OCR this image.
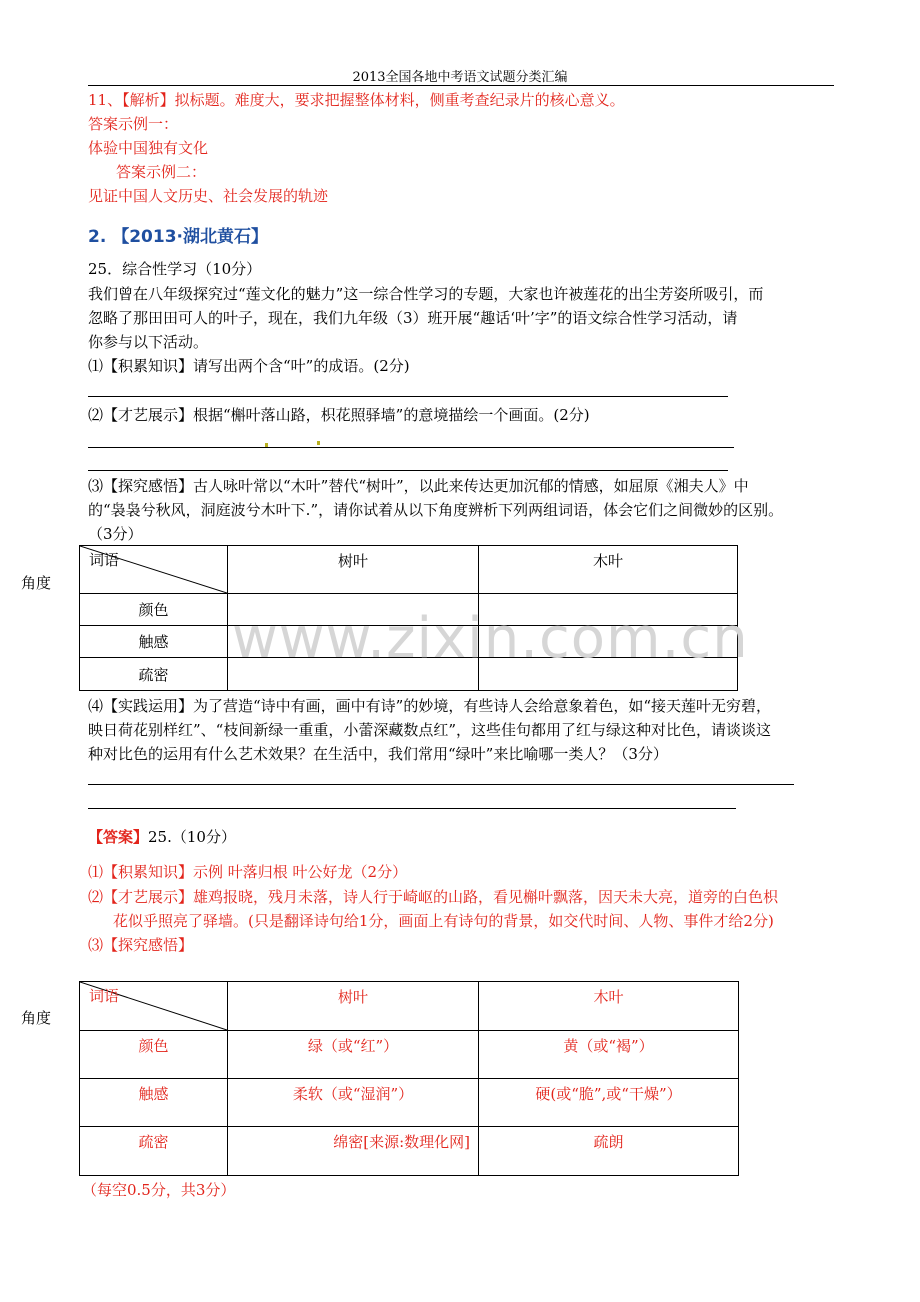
2013全国各地中考语文试题分类汇编
11、【解析】拟标题。难度大，要求把握整体材料，侧重考查纪录片的核心意义。
答案示例一：
体验中国独有文化
答案示例二：
见证中国人文历史、社会发展的轨迹
2. 【2013·湖北黄石】
25．综合性学习（10分）
我们曾在八年级探究过“莲文化的魅力”这一综合性学习的专题，大家也许被莲花的出尘芳姿所吸引，而
忽略了那田田可人的叶子，现在，我们九年级（3）班开展“趣话‘叶’字”的语文综合性学习活动，请
你参与以下活动。
⑴【积累知识】请写出两个含“叶”的成语。(2分)
⑵【才艺展示】根据“槲叶落山路，枳花照驿墙”的意境描绘一个画面。(2分)
⑶【探究感悟】古人咏叶常以“木叶”替代“树叶”，以此来传达更加沉郁的情感，如屈原《湘夫人》中
的“袅袅兮秋风，洞庭波兮木叶下.”，请你试着从以下角度辨析下列两组词语，体会它们之间微妙的区别。
（3分）
角度
词语	树叶	木叶
颜色		
触感		
疏密		
www.zixin.com.cn
⑷【实践运用】为了营造“诗中有画，画中有诗”的妙境，有些诗人会给意象着色，如“接天莲叶无穷碧，
映日荷花别样红”、“枝间新绿一重重，小蕾深藏数点红”，这些佳句都用了红与绿这种对比色，请谈谈这
种对比色的运用有什么艺术效果？在生活中，我们常用“绿叶”来比喻哪一类人？（3分）
【答案】25.（10分）
⑴【积累知识】示例 叶落归根 叶公好龙（2分）
⑵【才艺展示】雄鸡报晓，残月未落，诗人行于崎岖的山路，看见槲叶飘落，因天未大亮，道旁的白色枳
花似乎照亮了驿墙。(只是翻译诗句给1分，画面上有诗句的背景，如交代时间、人物、事件才给2分)
⑶【探究感悟】
角度
词语	树叶	木叶
颜色	绿（或“红”）	黄（或“褐”）
触感	柔软（或“湿润”）	硬(或“脆”,或“干燥”）
疏密	绵密[来源:数理化网]	疏朗
（每空0.5分，共3分）
